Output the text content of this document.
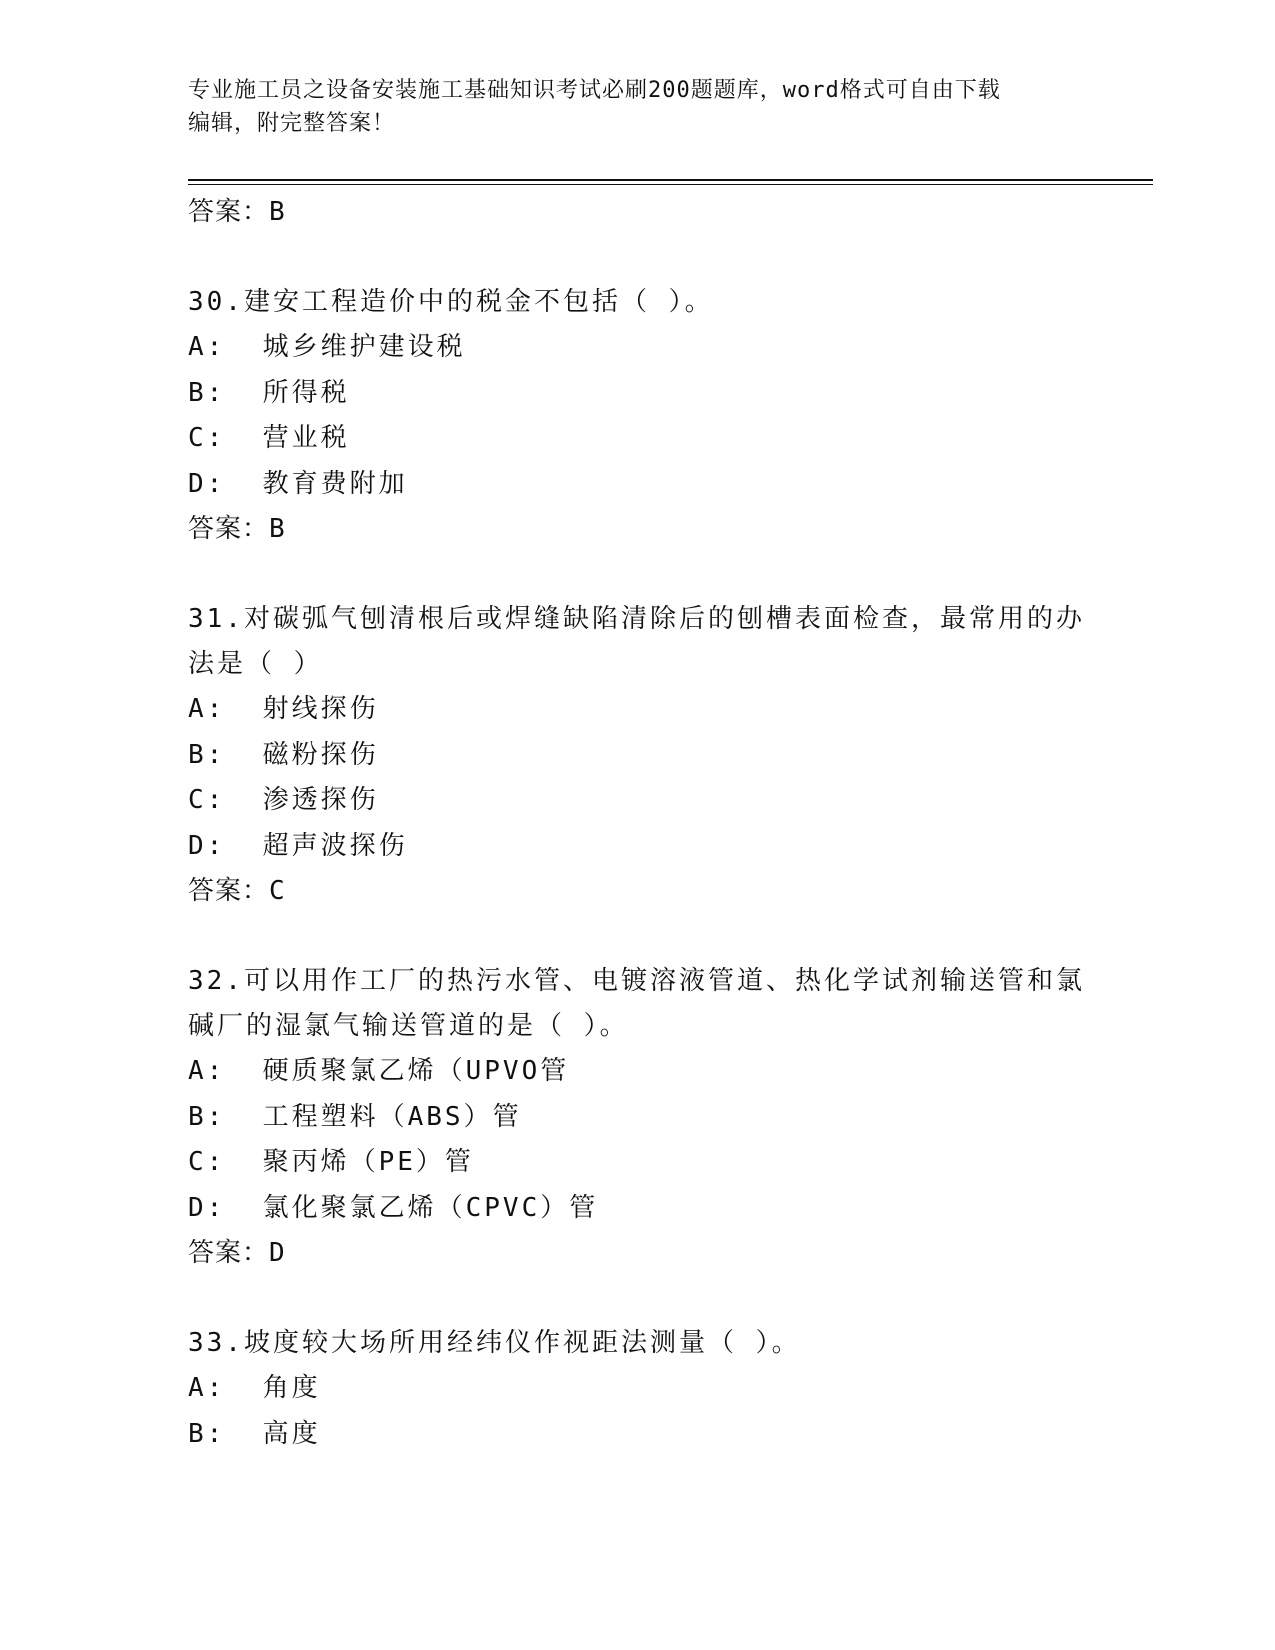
专业施工员之设备安装施工基础知识考试必刷200题题库，word格式可自由下载
编辑，附完整答案！
答案：B
30.建安工程造价中的税金不包括（ ）。
A:  城乡维护建设税
B:  所得税
C:  营业税
D:  教育费附加
答案：B
31.对碳弧气刨清根后或焊缝缺陷清除后的刨槽表面检查，最常用的办法是（ ）
A:  射线探伤
B:  磁粉探伤
C:  渗透探伤
D:  超声波探伤
答案：C
32.可以用作工厂的热污水管、电镀溶液管道、热化学试剂输送管和氯碱厂的湿氯气输送管道的是（ ）。
A:  硬质聚氯乙烯（UPVO管
B:  工程塑料（ABS）管
C:  聚丙烯（PE）管
D:  氯化聚氯乙烯（CPVC）管
答案：D
33.坡度较大场所用经纬仪作视距法测量（ ）。
A:  角度
B:  高度
